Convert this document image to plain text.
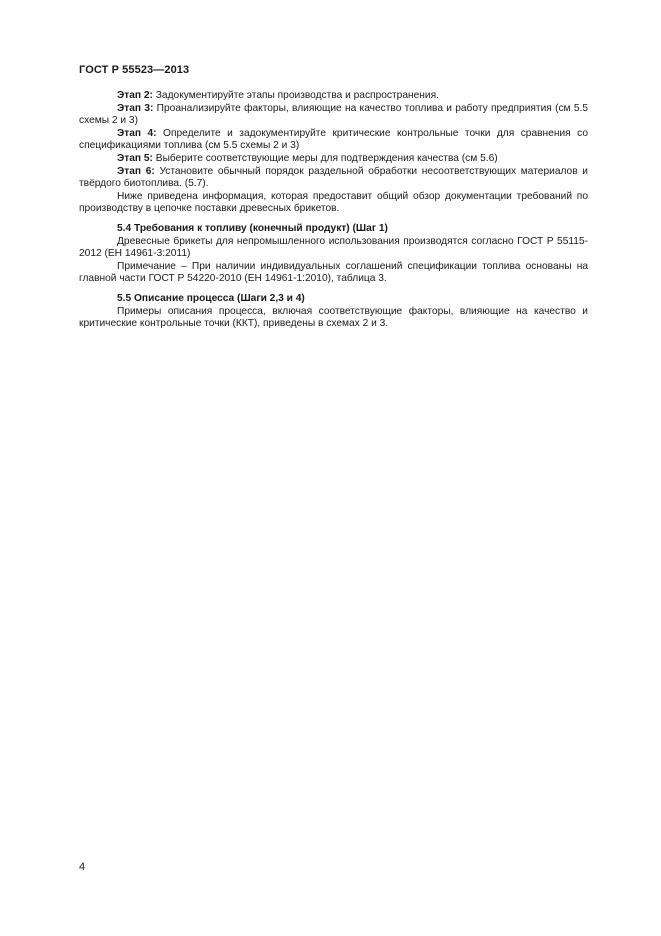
ГОСТ Р 55523—2013

Этап 2: Задокументируйте этапы производства и распространения.

Этап 3: Проанализируйте факторы, влияющие на качество топлива и работу предприятия (см 5.5 схемы 2 и 3)

Этап 4: Определите и задокументируйте критические контрольные точки для сравнения со спецификациями топлива (см 5.5 схемы 2 и 3)

Этап 5: Выберите соответствующие меры для подтверждения качества (см 5.6)

Этап 6: Установите обычный порядок раздельной обработки несоответствующих материалов и твёрдого биотоплива. (5.7).

Ниже приведена информация, которая предоставит общий обзор документации требований по производству в цепочке поставки древесных брикетов.

5.4 Требования к топливу (конечный продукт) (Шаг 1)

Древесные брикеты для непромышленного использования производятся согласно ГОСТ Р 55115-2012 (ЕН 14961-3:2011)

Примечание – При наличии индивидуальных соглашений спецификации топлива основаны на главной части ГОСТ Р 54220-2010 (ЕН 14961-1:2010), таблица 3.

5.5 Описание процесса (Шаги 2,3 и 4)

Примеры описания процесса, включая соответствующие факторы, влияющие на качество и критические контрольные точки (ККТ), приведены в схемах 2 и 3.

4
